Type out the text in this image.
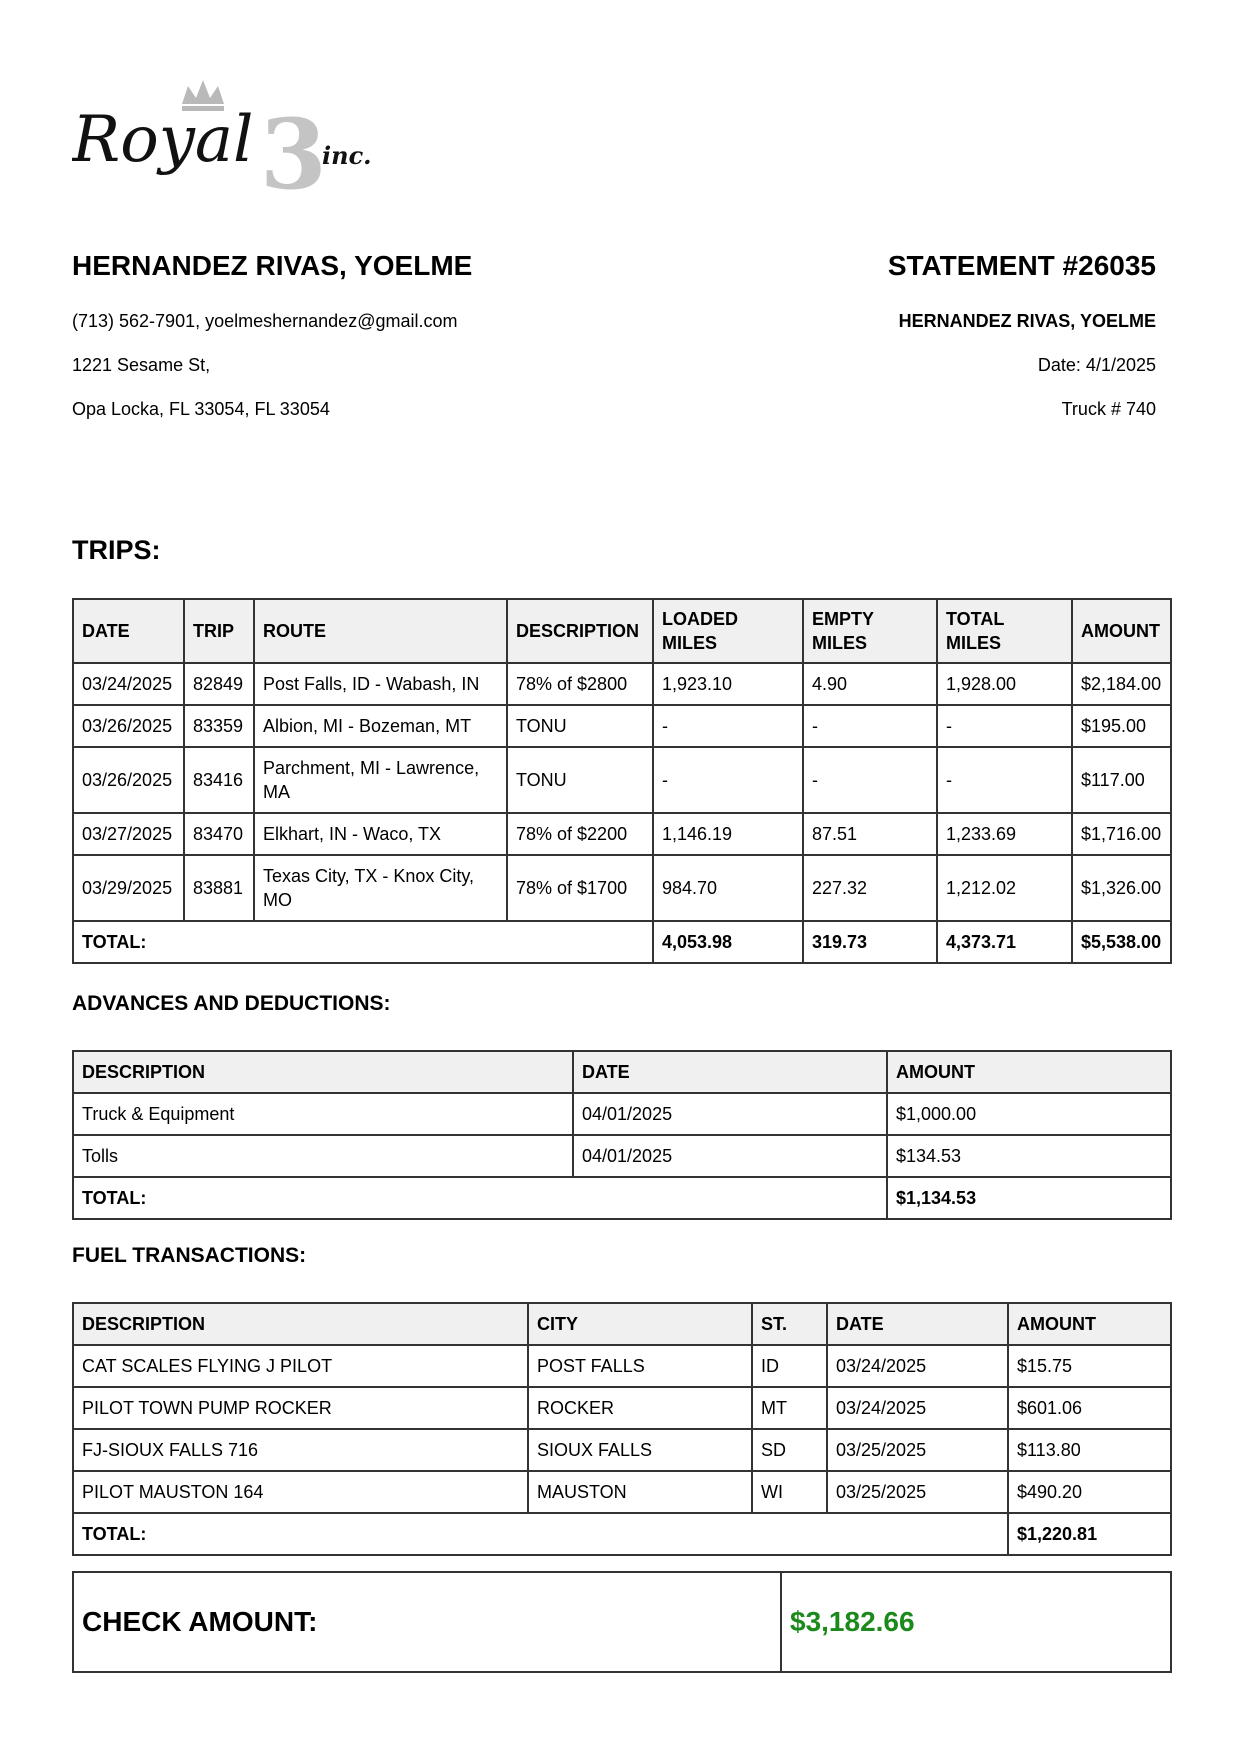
3
Royal	inc.
HERNANDEZ RIVAS, YOELME
(713) 562-7901, yoelmeshernandez@gmail.com
1221 Sesame St,
Opa Locka, FL 33054, FL 33054
STATEMENT #26035
HERNANDEZ RIVAS, YOELME
Date: 4/1/2025
Truck # 740
TRIPS:
DATE	TRIP	ROUTE	DESCRIPTION	LOADED MILES	EMPTY MILES	TOTAL MILES	AMOUNT
03/24/2025	82849	Post Falls, ID - Wabash, IN	78% of $2800	1,923.10	4.90	1,928.00	$2,184.00
03/26/2025	83359	Albion, MI - Bozeman, MT	TONU	-	-	-	$195.00
03/26/2025	83416	Parchment, MI - Lawrence, MA	TONU	-	-	-	$117.00
03/27/2025	83470	Elkhart, IN - Waco, TX	78% of $2200	1,146.19	87.51	1,233.69	$1,716.00
03/29/2025	83881	Texas City, TX - Knox City, MO	78% of $1700	984.70	227.32	1,212.02	$1,326.00
TOTAL:				4,053.98	319.73	4,373.71	$5,538.00
ADVANCES AND DEDUCTIONS:
DESCRIPTION	DATE	AMOUNT
Truck & Equipment	04/01/2025	$1,000.00
Tolls	04/01/2025	$134.53
TOTAL:		$1,134.53
FUEL TRANSACTIONS:
DESCRIPTION	CITY	ST.	DATE	AMOUNT
CAT SCALES FLYING J PILOT	POST FALLS	ID	03/24/2025	$15.75
PILOT TOWN PUMP ROCKER	ROCKER	MT	03/24/2025	$601.06
FJ-SIOUX FALLS 716	SIOUX FALLS	SD	03/25/2025	$113.80
PILOT MAUSTON 164	MAUSTON	WI	03/25/2025	$490.20
TOTAL:				$1,220.81
CHECK AMOUNT:	$3,182.66
